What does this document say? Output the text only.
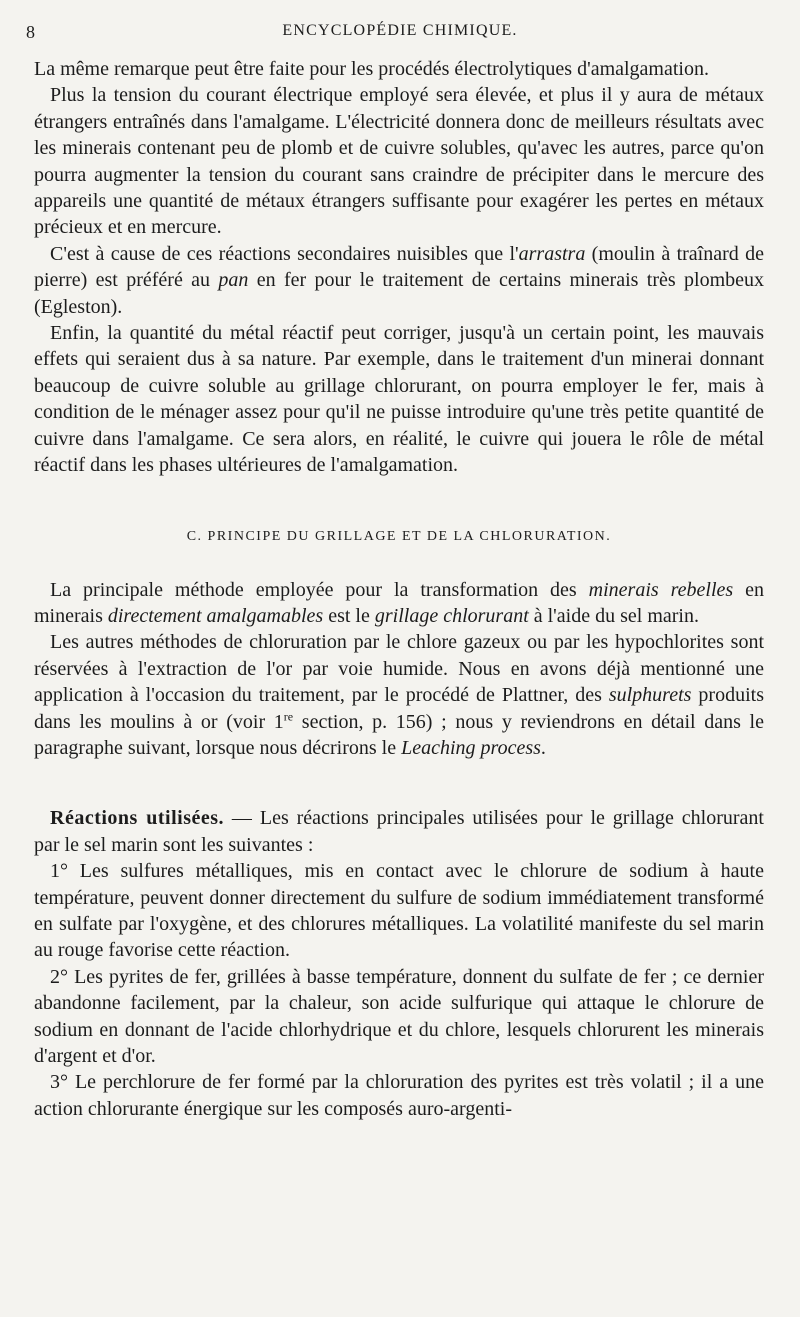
8	ENCYCLOPÉDIE CHIMIQUE.

La même remarque peut être faite pour les procédés électrolytiques d'amalgamation.

Plus la tension du courant électrique employé sera élevée, et plus il y aura de métaux étrangers entraînés dans l'amalgame. L'électricité donnera donc de meilleurs résultats avec les minerais contenant peu de plomb et de cuivre solubles, qu'avec les autres, parce qu'on pourra augmenter la tension du courant sans craindre de précipiter dans le mercure des appareils une quantité de métaux étrangers suffisante pour exagérer les pertes en métaux précieux et en mercure.

C'est à cause de ces réactions secondaires nuisibles que l'arrastra (moulin à traînard de pierre) est préféré au pan en fer pour le traitement de certains minerais très plombeux (Egleston).

Enfin, la quantité du métal réactif peut corriger, jusqu'à un certain point, les mauvais effets qui seraient dus à sa nature. Par exemple, dans le traitement d'un minerai donnant beaucoup de cuivre soluble au grillage chlorurant, on pourra employer le fer, mais à condition de le ménager assez pour qu'il ne puisse introduire qu'une très petite quantité de cuivre dans l'amalgame. Ce sera alors, en réalité, le cuivre qui jouera le rôle de métal réactif dans les phases ultérieures de l'amalgamation.

C. PRINCIPE DU GRILLAGE ET DE LA CHLORURATION.

La principale méthode employée pour la transformation des minerais rebelles en minerais directement amalgamables est le grillage chlorurant à l'aide du sel marin.

Les autres méthodes de chloruration par le chlore gazeux ou par les hypochlorites sont réservées à l'extraction de l'or par voie humide. Nous en avons déjà mentionné une application à l'occasion du traitement, par le procédé de Plattner, des sulphurets produits dans les moulins à or (voir 1re section, p. 156) ; nous y reviendrons en détail dans le paragraphe suivant, lorsque nous décrirons le Leaching process.

Réactions utilisées. — Les réactions principales utilisées pour le grillage chlorurant par le sel marin sont les suivantes :

1° Les sulfures métalliques, mis en contact avec le chlorure de sodium à haute température, peuvent donner directement du sulfure de sodium immédiatement transformé en sulfate par l'oxygène, et des chlorures métalliques. La volatilité manifeste du sel marin au rouge favorise cette réaction.

2° Les pyrites de fer, grillées à basse température, donnent du sulfate de fer ; ce dernier abandonne facilement, par la chaleur, son acide sulfurique qui attaque le chlorure de sodium en donnant de l'acide chlorhydrique et du chlore, lesquels chlorurent les minerais d'argent et d'or.

3° Le perchlorure de fer formé par la chloruration des pyrites est très volatil ; il a une action chlorurante énergique sur les composés auro-argenti-
